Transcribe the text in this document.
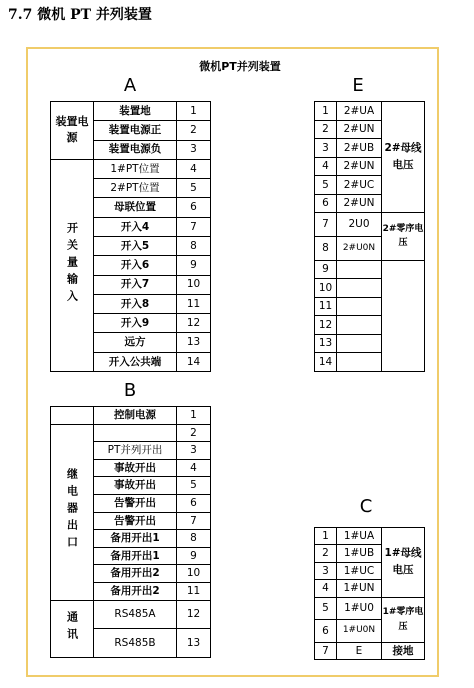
7.7 微机 PT 并列装置
微机PT并列装置
A
装置电源	装置地	1
	装置电源正	2
	装置电源负	3
开关量输入	1#PT位置	4
	2#PT位置	5
	母联位置	6
	开入4	7
	开入5	8
	开入6	9
	开入7	10
	开入8	11
	开入9	12
	远方	13
	开入公共端	14
B
	控制电源	1
继电器出口		2
	PT并列开出	3
	事故开出	4
	事故开出	5
	告警开出	6
	告警开出	7
	备用开出1	8
	备用开出1	9
	备用开出2	10
	备用开出2	11
通讯	RS485A	12
	RS485B	13
E
1	2#UA	2#母线电压
2	2#UN	
3	2#UB	
4	2#UN	
5	2#UC	
6	2#UN	
7	2U0	2#零序电压
8	2#U0N	
9		
10		
11		
12		
13		
14		
C
1	1#UA	1#母线电压
2	1#UB	
3	1#UC	
4	1#UN	
5	1#U0	1#零序电压
6	1#U0N	
7	E	接地
